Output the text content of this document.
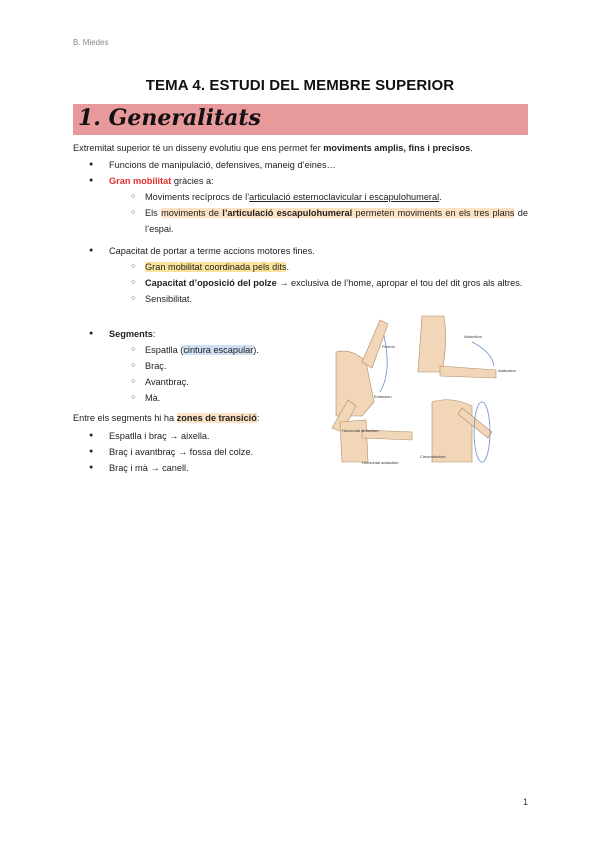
B. Miedes
TEMA 4. ESTUDI DEL MEMBRE SUPERIOR
1. Generalitats
Extremitat superior té un disseny evolutiu que ens permet fer moviments amplis, fins i precisos.
● Funcions de manipulació, defensives, maneig d’eines…
● Gran mobilitat gràcies a:
○ Moviments recíprocs de l’articulació esternoclavicular i escapulohumeral.
○ Els moviments de l’articulació escapulohumeral permeten moviments en els tres plans de l’espai.
● Capacitat de portar a terme accions motores fines.
○ Gran mobilitat coordinada pels dits.
○ Capacitat d’oposició del polze → exclusiva de l’home, apropar el tou del dit gros als altres.
○ Sensibilitat.
● Segments:
○ Espatlla (cintura escapular).
○ Braç.
○ Avantbraç.
○ Mà.
Entre els segments hi ha zones de transició:
● Espatlla i braç → aixella.
● Braç i avantbraç → fossa del colze.
● Braç i mà → canell.
Flexion
Extension
Abduction
Adduction
Horizontal abduction
Horizontal adduction
Circumduction
1
